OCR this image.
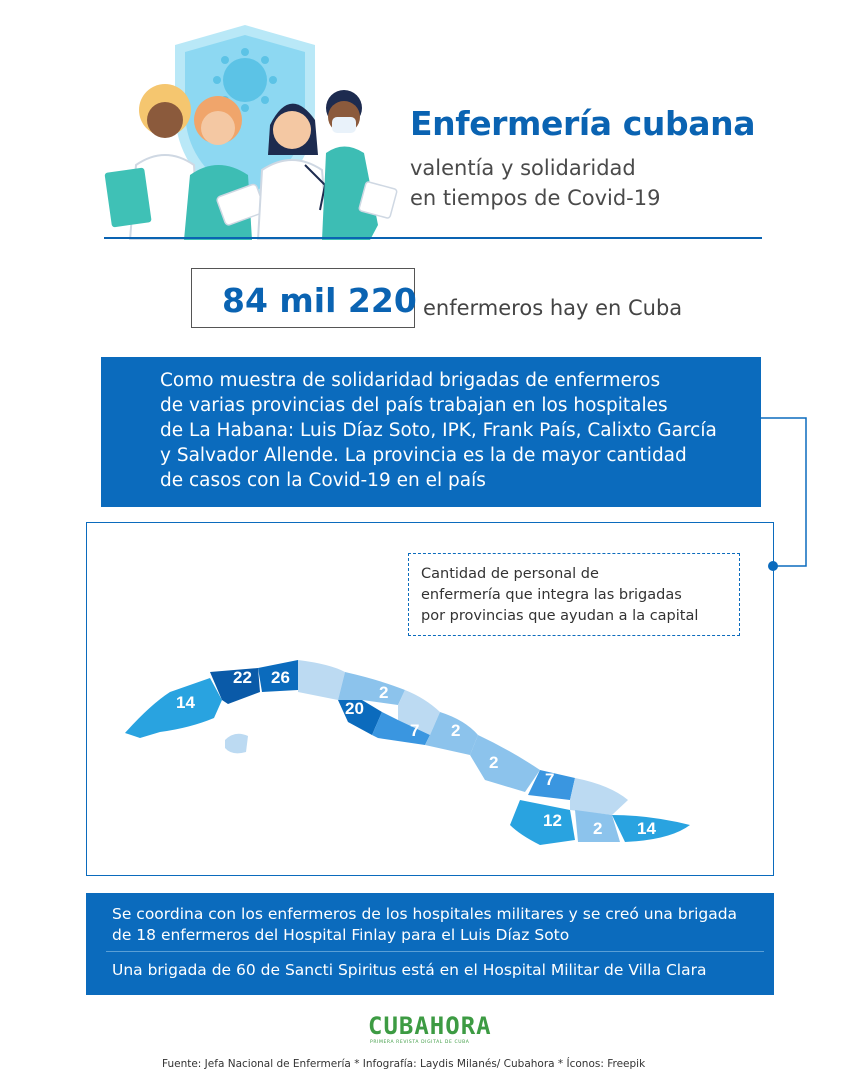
Enfermería cubana
valentía y solidaridad
en tiempos de Covid-19
84 mil 220 enfermeros hay en Cuba
Como muestra de solidaridad brigadas de enfermeros
de varias provincias del país trabajan en los hospitales
de La Habana: Luis Díaz Soto, IPK, Frank País, Calixto García
y Salvador Allende. La provincia es la de mayor cantidad
de casos con la Covid-19 en el país
Cantidad de personal de
enfermería que integra las brigadas
por provincias que ayudan a la capital
14
22 26
20
2
7 2
2
7
12 2 14
Se coordina con los enfermeros de los hospitales militares y se creó una brigada
de 18 enfermeros del Hospital Finlay para el Luis Díaz Soto
Una brigada de 60 de Sancti Spiritus está en el Hospital Militar de Villa Clara
CUBAHORA
PRIMERA REVISTA DIGITAL DE CUBA
Fuente: Jefa Nacional de Enfermería * Infografía: Laydis Milanés/ Cubahora * Íconos: Freepik
